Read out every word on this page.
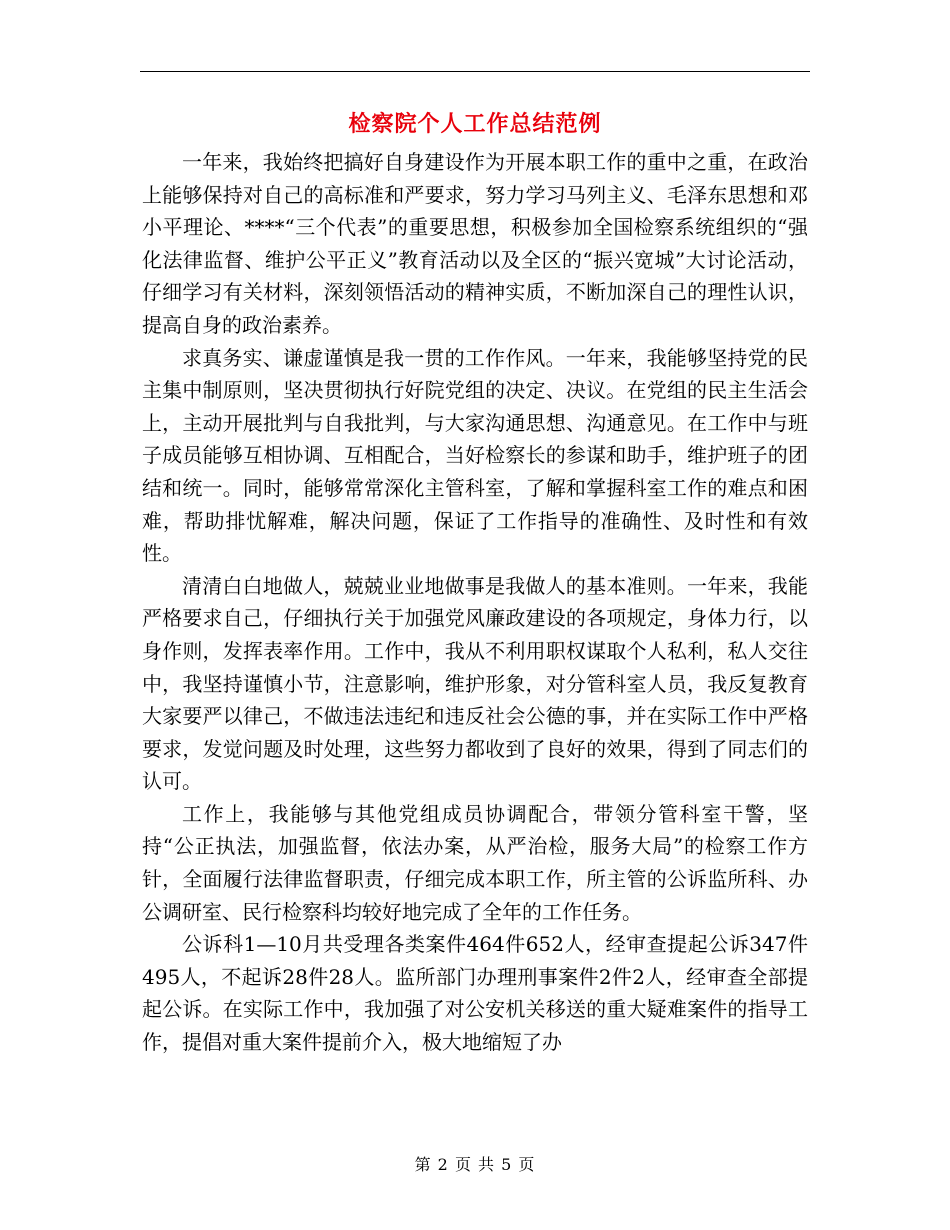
检察院个人工作总结范例

一年来，我始终把搞好自身建设作为开展本职工作的重中之重，在政治上能够保持对自己的高标准和严要求，努力学习马列主义、毛泽东思想和邓小平理论、****“三个代表”的重要思想，积极参加全国检察系统组织的“强化法律监督、维护公平正义”教育活动以及全区的“振兴宽城”大讨论活动，仔细学习有关材料，深刻领悟活动的精神实质，不断加深自己的理性认识，提高自身的政治素养。

求真务实、谦虚谨慎是我一贯的工作作风。一年来，我能够坚持党的民主集中制原则，坚决贯彻执行好院党组的决定、决议。在党组的民主生活会上，主动开展批判与自我批判，与大家沟通思想、沟通意见。在工作中与班子成员能够互相协调、互相配合，当好检察长的参谋和助手，维护班子的团结和统一。同时，能够常常深化主管科室，了解和掌握科室工作的难点和困难，帮助排忧解难，解决问题，保证了工作指导的准确性、及时性和有效性。

清清白白地做人，兢兢业业地做事是我做人的基本准则。一年来，我能严格要求自己，仔细执行关于加强党风廉政建设的各项规定，身体力行，以身作则，发挥表率作用。工作中，我从不利用职权谋取个人私利，私人交往中，我坚持谨慎小节，注意影响，维护形象，对分管科室人员，我反复教育大家要严以律己，不做违法违纪和违反社会公德的事，并在实际工作中严格要求，发觉问题及时处理，这些努力都收到了良好的效果，得到了同志们的认可。

工作上，我能够与其他党组成员协调配合，带领分管科室干警，坚持“公正执法，加强监督，依法办案，从严治检，服务大局”的检察工作方针，全面履行法律监督职责，仔细完成本职工作，所主管的公诉监所科、办公调研室、民行检察科均较好地完成了全年的工作任务。

公诉科1—10月共受理各类案件464件652人，经审查提起公诉347件495人，不起诉28件28人。监所部门办理刑事案件2件2人，经审查全部提起公诉。在实际工作中，我加强了对公安机关移送的重大疑难案件的指导工作，提倡对重大案件提前介入，极大地缩短了办

第 2 页 共 5 页
